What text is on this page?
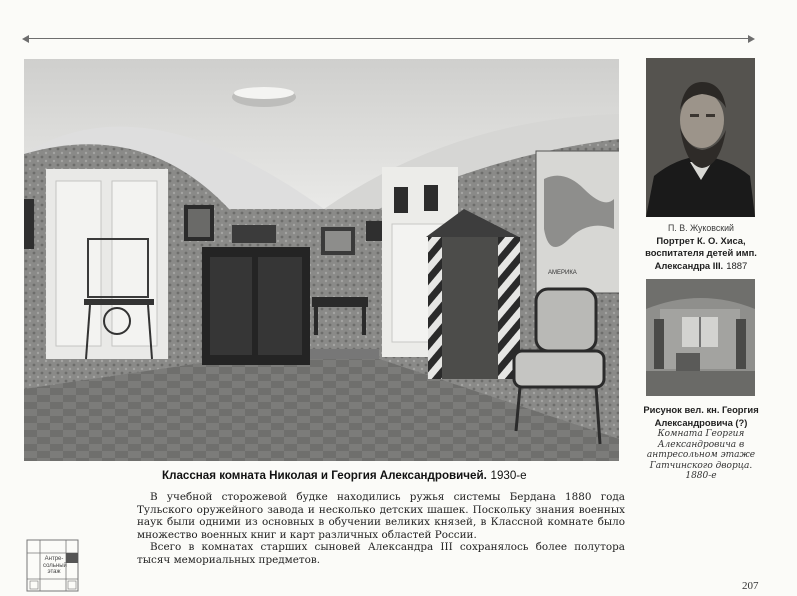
АМЕРИКА
П. В. Жуковский
Портрет К. О. Хиса, воспитателя детей имп. Александра III. 1887
Рисунок вел. кн. Георгия Александровича (?)
Комната Георгия Александровича в антресольном этаже Гатчинского дворца. 1880-е
Классная комната Николая и Георгия Александровичей. 1930-е

В учебной сторожевой будке находились ружья системы Бердана 1880 года Тульского оружейного завода и несколько детских шашек. Поскольку знания военных наук были одними из основных в обучении великих князей, в Классной комнате было множество военных книг и карт различных областей России.

Всего в комнатах старших сыновей Александра III сохранялось более полутора тысяч мемориальных предметов.

Антре-сольный этаж
207
